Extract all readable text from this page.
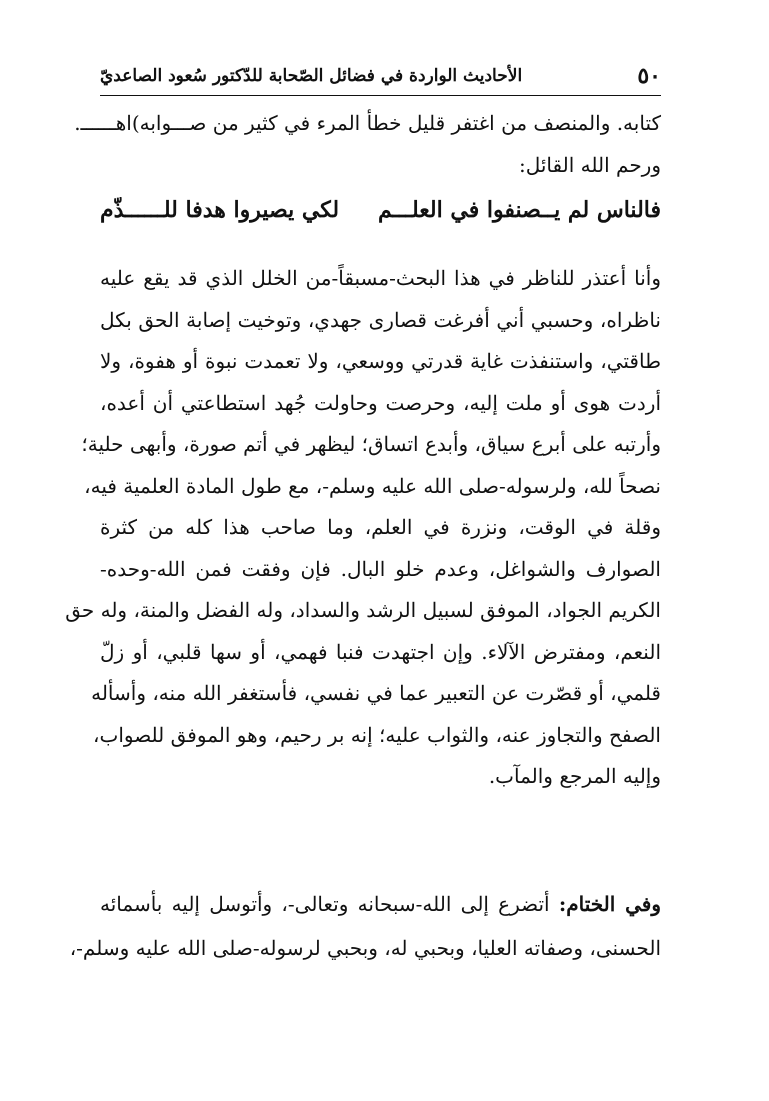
٥٠
الأحاديث الواردة في فضائل الصّحابة للدّكتور سُعود الصاعديّ
كتابه. والمنصف من اغتفر قليل خطأ المرء في كثير من صـــوابه)اهــــــ.
ورحم الله القائل:
فالناس لم يــصنفوا في العلـــم
لكي يصيروا هدفا للــــــذّم
وأنا أعتذر للناظر في هذا البحث-مسبقاً-من الخلل الذي قد يقع عليه
ناظراه، وحسبي أني أفرغت قصارى جهدي، وتوخيت إصابة الحق بكل
طاقتي، واستنفذت غاية قدرتي ووسعي، ولا تعمدت نبوة أو هفوة، ولا
أردت هوى أو ملت إليه، وحرصت وحاولت جُهد استطاعتي أن أعده،
وأرتبه على أبرع سياق، وأبدع اتساق؛ ليظهر في أتم صورة، وأبهى حلية؛
نصحاً لله، ولرسوله-صلى الله عليه وسلم-، مع طول المادة العلمية فيه،
وقلة في الوقت، ونزرة في العلم، وما صاحب هذا كله من كثرة
الصوارف والشواغل، وعدم خلو البال. فإن وفقت فمن الله-وحده-
الكريم الجواد، الموفق لسبيل الرشد والسداد، وله الفضل والمنة، وله حق
النعم، ومفترض الآلاء. وإن اجتهدت فنبا فهمي، أو سها قلبي، أو زلّ
قلمي، أو قصّرت عن التعبير عما في نفسي، فأستغفر الله منه، وأسأله
الصفح والتجاوز عنه، والثواب عليه؛ إنه بر رحيم، وهو الموفق للصواب،
وإليه المرجع والمآب.
وفي الختام: أتضرع إلى الله-سبحانه وتعالى-، وأتوسل إليه بأسمائه
الحسنى، وصفاته العليا، وبحبي له، وبحبي لرسوله-صلى الله عليه وسلم-،
